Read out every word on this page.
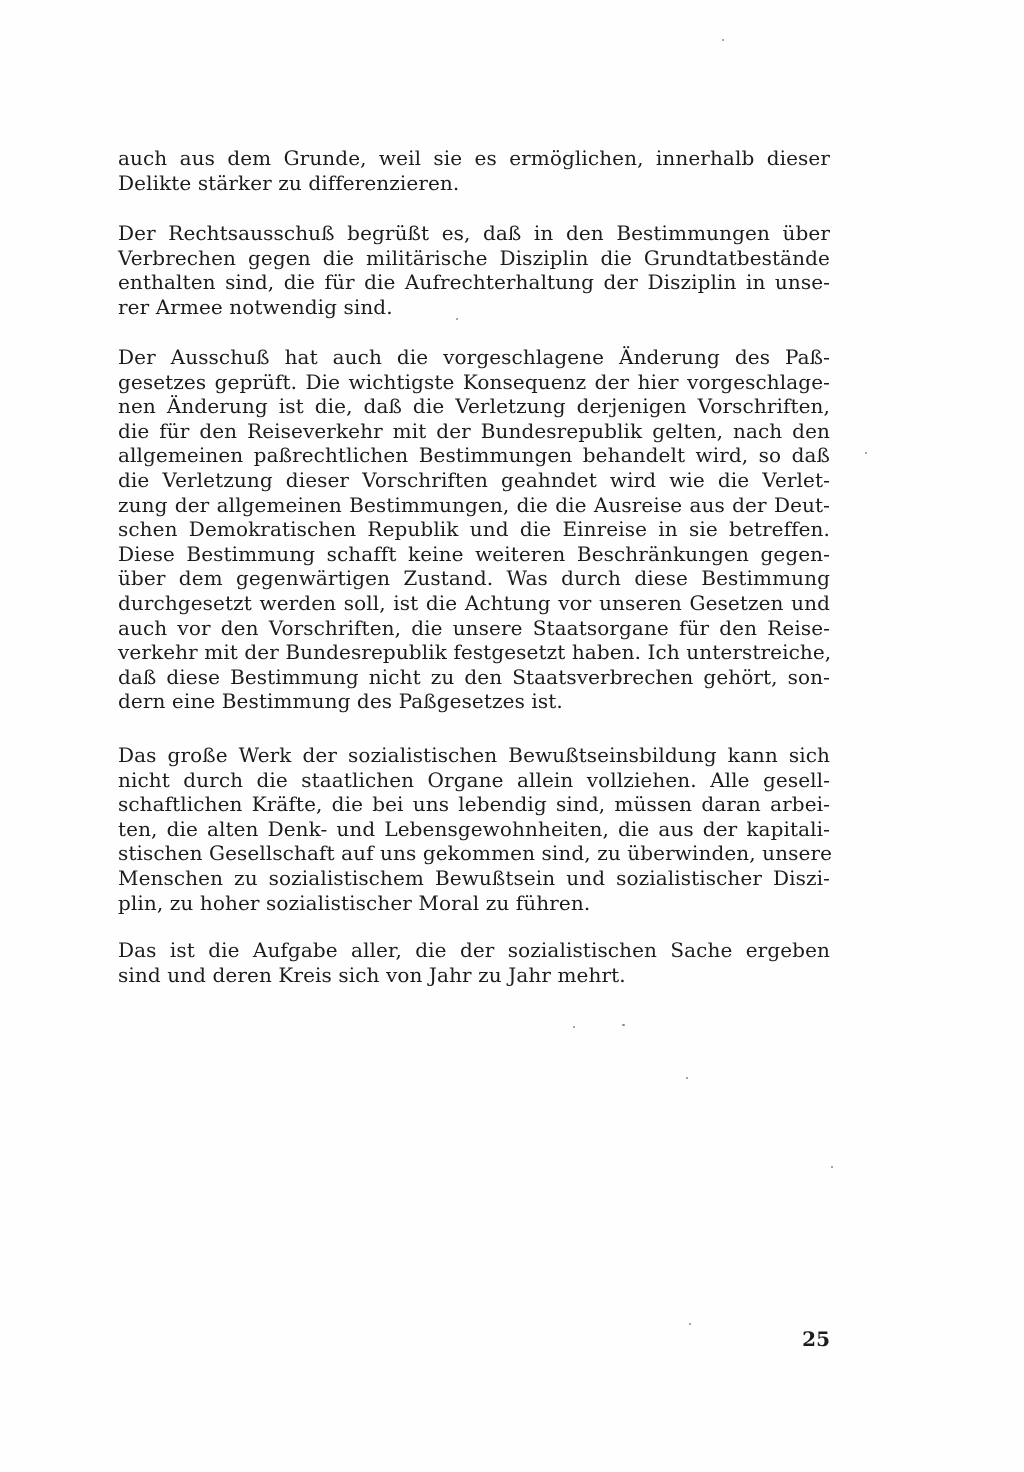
auch aus dem Grunde, weil sie es ermöglichen, innerhalb dieser
Delikte stärker zu differenzieren.
Der Rechtsausschuß begrüßt es, daß in den Bestimmungen über
Verbrechen gegen die militärische Disziplin die Grundtatbestände
enthalten sind, die für die Aufrechterhaltung der Disziplin in unse-
rer Armee notwendig sind.
Der Ausschuß hat auch die vorgeschlagene Änderung des Paß-
gesetzes geprüft. Die wichtigste Konsequenz der hier vorgeschlage-
nen Änderung ist die, daß die Verletzung derjenigen Vorschriften,
die für den Reiseverkehr mit der Bundesrepublik gelten, nach den
allgemeinen paßrechtlichen Bestimmungen behandelt wird, so daß
die Verletzung dieser Vorschriften geahndet wird wie die Verlet-
zung der allgemeinen Bestimmungen, die die Ausreise aus der Deut-
schen Demokratischen Republik und die Einreise in sie betreffen.
Diese Bestimmung schafft keine weiteren Beschränkungen gegen-
über dem gegenwärtigen Zustand. Was durch diese Bestimmung
durchgesetzt werden soll, ist die Achtung vor unseren Gesetzen und
auch vor den Vorschriften, die unsere Staatsorgane für den Reise-
verkehr mit der Bundesrepublik festgesetzt haben. Ich unterstreiche,
daß diese Bestimmung nicht zu den Staatsverbrechen gehört, son-
dern eine Bestimmung des Paßgesetzes ist.
Das große Werk der sozialistischen Bewußtseinsbildung kann sich
nicht durch die staatlichen Organe allein vollziehen. Alle gesell-
schaftlichen Kräfte, die bei uns lebendig sind, müssen daran arbei-
ten, die alten Denk- und Lebensgewohnheiten, die aus der kapitali-
stischen Gesellschaft auf uns gekommen sind, zu überwinden, unsere
Menschen zu sozialistischem Bewußtsein und sozialistischer Diszi-
plin, zu hoher sozialistischer Moral zu führen.
Das ist die Aufgabe aller, die der sozialistischen Sache ergeben
sind und deren Kreis sich von Jahr zu Jahr mehrt.
25
